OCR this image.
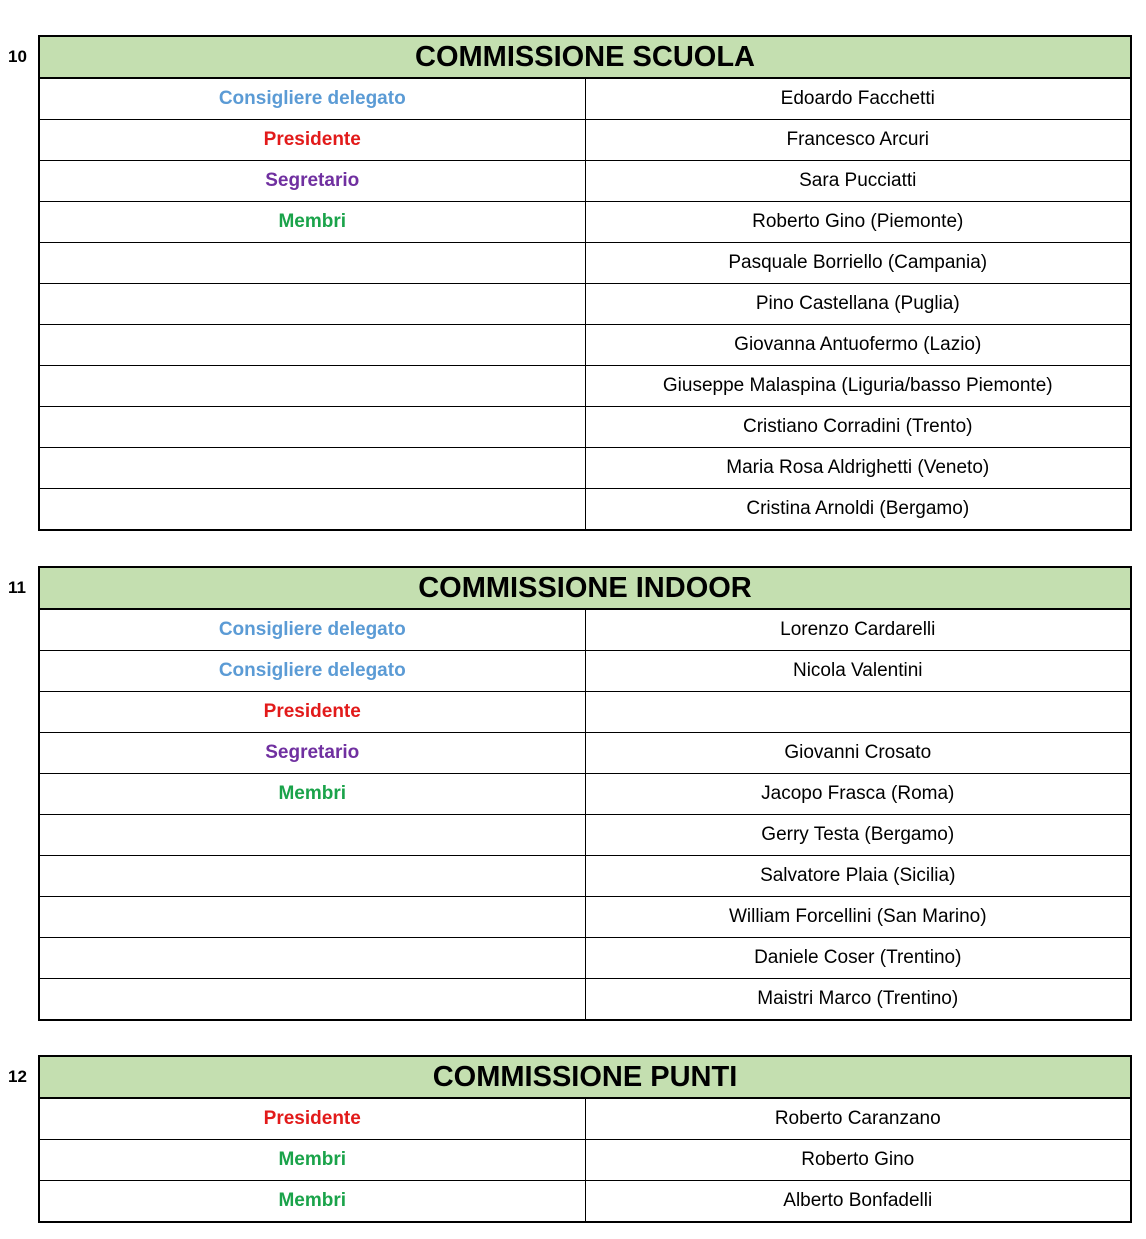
10	COMMISSIONE SCUOLA	
Consigliere delegato	Edoardo Facchetti
Presidente	Francesco Arcuri
Segretario	Sara Pucciatti
Membri	Roberto Gino (Piemonte)
	Pasquale Borriello (Campania)
	Pino Castellana (Puglia)
	Giovanna Antuofermo (Lazio)
	Giuseppe Malaspina (Liguria/basso Piemonte)
	Cristiano Corradini (Trento)
	Maria Rosa Aldrighetti (Veneto)
	Cristina Arnoldi (Bergamo)
11	COMMISSIONE INDOOR	
Consigliere delegato	Lorenzo Cardarelli
Consigliere delegato	Nicola Valentini
Presidente	
Segretario	Giovanni Crosato
Membri	Jacopo Frasca (Roma)
	Gerry Testa (Bergamo)
	Salvatore Plaia (Sicilia)
	William Forcellini (San Marino)
	Daniele Coser (Trentino)
	Maistri Marco (Trentino)
12	COMMISSIONE PUNTI	
Presidente	Roberto Caranzano
Membri	Roberto Gino
Membri	Alberto Bonfadelli
